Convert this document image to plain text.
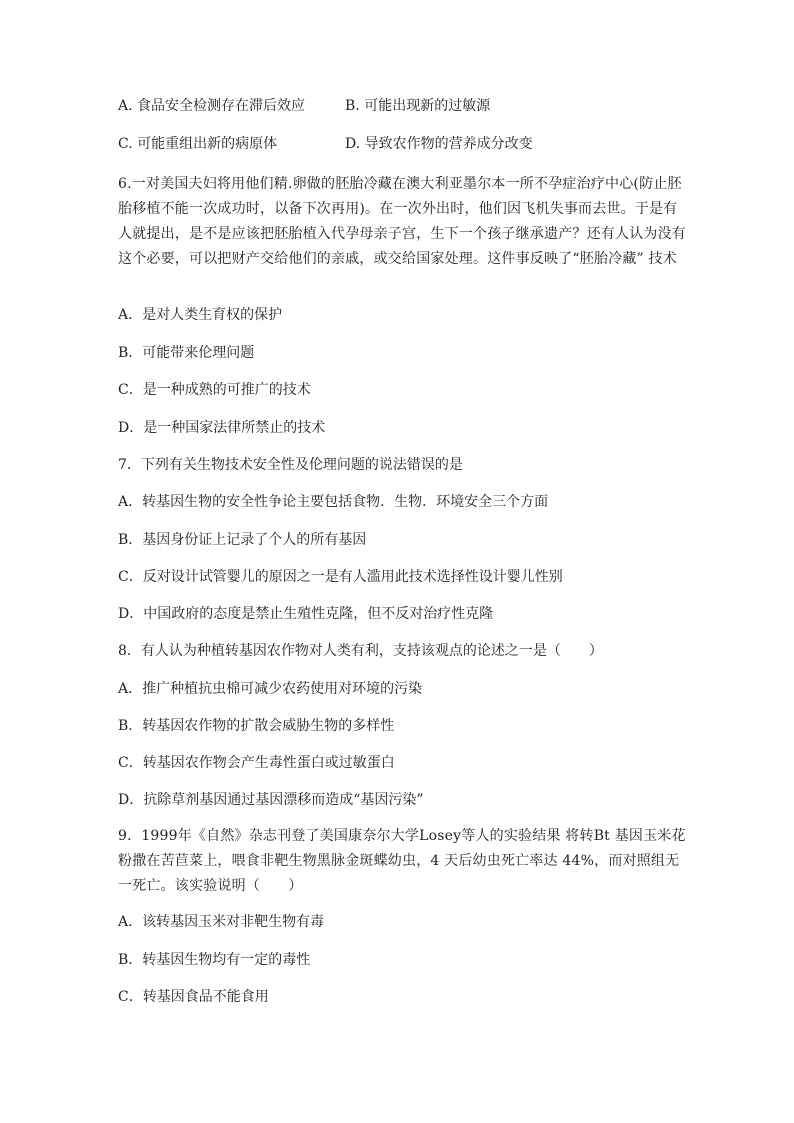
A. 食品安全检测存在滞后效应	B. 可能出现新的过敏源
C. 可能重组出新的病原体	D. 导致农作物的营养成分改变
6.一对美国夫妇将用他们精.卵做的胚胎冷藏在澳大利亚墨尔本一所不孕症治疗中心(防止胚胎移植不能一次成功时，以备下次再用)。在一次外出时，他们因飞机失事而去世。于是有人就提出，是不是应该把胚胎植入代孕母亲子宫，生下一个孩子继承遗产？还有人认为没有这个必要，可以把财产交给他们的亲戚，或交给国家处理。这件事反映了“胚胎冷藏” 技术
A．是对人类生育权的保护
B．可能带来伦理问题
C．是一种成熟的可推广的技术
D．是一种国家法律所禁止的技术
7．下列有关生物技术安全性及伦理问题的说法错误的是
A．转基因生物的安全性争论主要包括食物．生物．环境安全三个方面
B．基因身份证上记录了个人的所有基因
C．反对设计试管婴儿的原因之一是有人滥用此技术选择性设计婴儿性别
D．中国政府的态度是禁止生殖性克隆，但不反对治疗性克隆
8．有人认为种植转基因农作物对人类有利，支持该观点的论述之一是（　　）
A．推广种植抗虫棉可减少农药使用对环境的污染
B．转基因农作物的扩散会威胁生物的多样性
C．转基因农作物会产生毒性蛋白或过敏蛋白
D．抗除草剂基因通过基因漂移而造成“基因污染”
9．1999年《自然》杂志刊登了美国康奈尔大学Losey等人的实验结果 将转Bt 基因玉米花粉撒在苦苣菜上，喂食非靶生物黑脉金斑蝶幼虫，4 天后幼虫死亡率达 44%，而对照组无一死亡。该实验说明（　　）
A．该转基因玉米对非靶生物有毒
B．转基因生物均有一定的毒性
C．转基因食品不能食用
